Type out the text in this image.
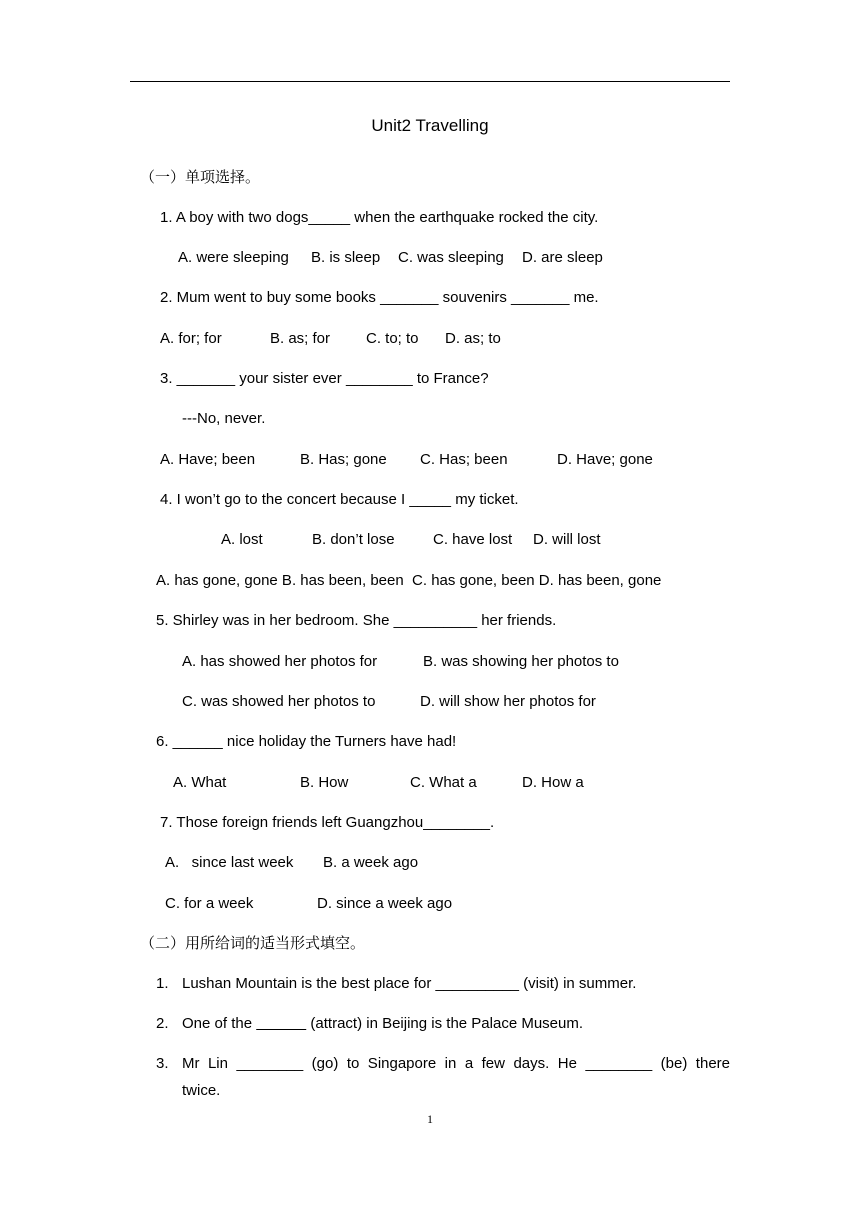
Unit2 Travelling
（一）单项选择。
1. A boy with two dogs_____ when the earthquake rocked the city.
A. were sleeping B. is sleep C. was sleeping D. are sleep
2. Mum went to buy some books _______ souvenirs _______ me.
A. for; for	B. as; for C. to; to D. as; to
3. _______ your sister ever ________ to France?
---No, never.
A. Have; been	B. Has; gone C. Has; been	D. Have; gone
4. I won’t go to the concert because I _____ my ticket.
A. lost	B. don’t lose	C. have lost D. will lost
A. has gone, gone B. has been, been  C. has gone, been D. has been, gone
5. Shirley was in her bedroom. She __________ her friends.
A. has showed her photos for	B. was showing her photos to
C. was showed her photos to	D. will show her photos for
6. ______ nice holiday the Turners have had!
A. What	B. How	C. What a	D. How a
7. Those foreign friends left Guangzhou________.
A.   since last week B. a week ago
C. for a week	D. since a week ago
（二）用所给词的适当形式填空。
1. Lushan Mountain is the best place for __________ (visit) in summer.
2. One of the	(attract) in Beijing is the Palace Museum.
3. Mr Lin ________ (go) to Singapore in a few days. He ________ (be) there
twice.
1
